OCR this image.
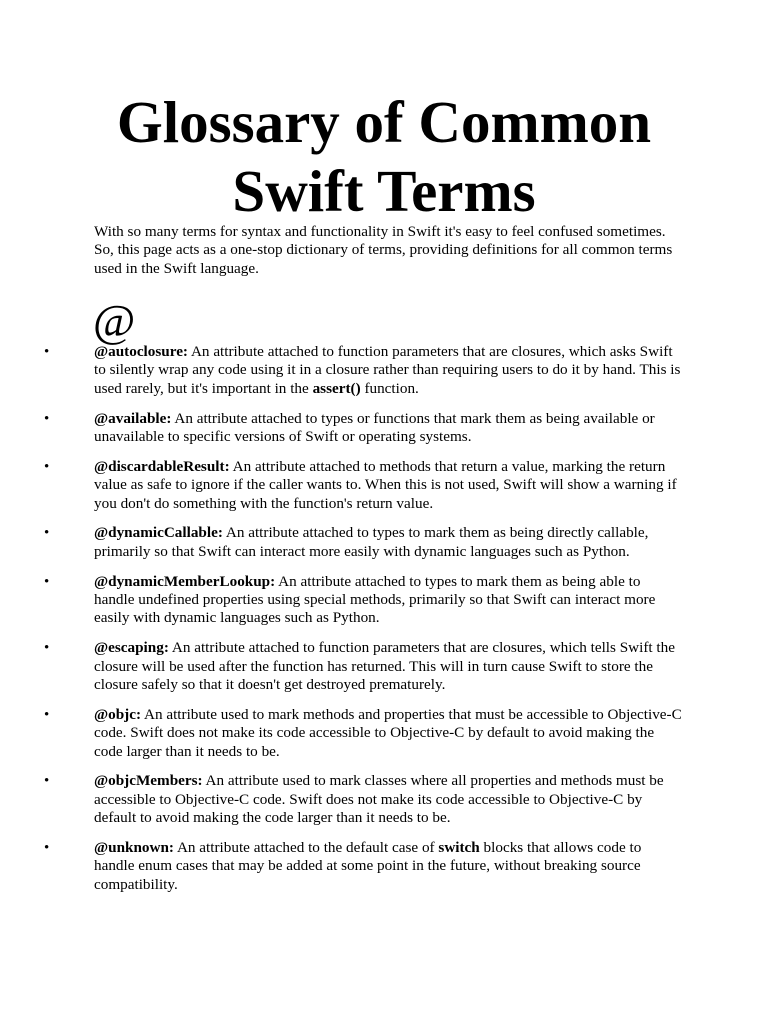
Glossary of Common
Swift Terms

With so many terms for syntax and functionality in Swift it's easy to feel confused sometimes. So, this page acts as a one-stop dictionary of terms, providing definitions for all common terms used in the Swift language.

@
•	@autoclosure: An attribute attached to function parameters that are closures, which asks Swift to silently wrap any code using it in a closure rather than requiring users to do it by hand. This is used rarely, but it's important in the assert() function.
•	@available: An attribute attached to types or functions that mark them as being available or unavailable to specific versions of Swift or operating systems.
•	@discardableResult: An attribute attached to methods that return a value, marking the return value as safe to ignore if the caller wants to. When this is not used, Swift will show a warning if you don't do something with the function's return value.
•	@dynamicCallable: An attribute attached to types to mark them as being directly callable, primarily so that Swift can interact more easily with dynamic languages such as Python.
•	@dynamicMemberLookup: An attribute attached to types to mark them as being able to handle undefined properties using special methods, primarily so that Swift can interact more easily with dynamic languages such as Python.
•	@escaping: An attribute attached to function parameters that are closures, which tells Swift the closure will be used after the function has returned. This will in turn cause Swift to store the closure safely so that it doesn't get destroyed prematurely.
•	@objc: An attribute used to mark methods and properties that must be accessible to Objective-C code. Swift does not make its code accessible to Objective-C by default to avoid making the code larger than it needs to be.
•	@objcMembers: An attribute used to mark classes where all properties and methods must be accessible to Objective-C code. Swift does not make its code accessible to Objective-C by default to avoid making the code larger than it needs to be.
•	@unknown: An attribute attached to the default case of switch blocks that allows code to handle enum cases that may be added at some point in the future, without breaking source compatibility.
